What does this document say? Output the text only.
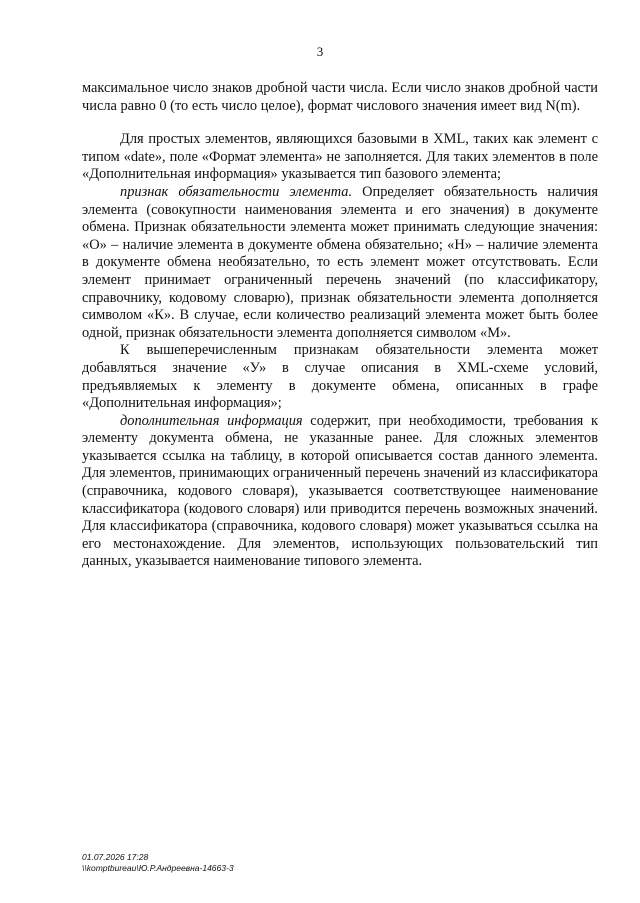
3

максимальное число знаков дробной части числа. Если число знаков дробной части числа равно 0 (то есть число целое), формат числового значения имеет вид N(m).

Для простых элементов, являющихся базовыми в XML, таких как элемент с типом «date», поле «Формат элемента» не заполняется. Для таких элементов в поле «Дополнительная информация» указывается тип базового элемента;

признак обязательности элемента. Определяет обязательность наличия элемента (совокупности наименования элемента и его значения) в документе обмена. Признак обязательности элемента может принимать следующие значения: «О» – наличие элемента в документе обмена обязательно; «Н» – наличие элемента в документе обмена необязательно, то есть элемент может отсутствовать. Если элемент принимает ограниченный перечень значений (по классификатору, справочнику, кодовому словарю), признак обязательности элемента дополняется символом «К». В случае, если количество реализаций элемента может быть более одной, признак обязательности элемента дополняется символом «М».

К вышеперечисленным признакам обязательности элемента может добавляться значение «У» в случае описания в XML-схеме условий, предъявляемых к элементу в документе обмена, описанных в графе «Дополнительная информация»;

дополнительная информация содержит, при необходимости, требования к элементу документа обмена, не указанные ранее. Для сложных элементов указывается ссылка на таблицу, в которой описывается состав данного элемента. Для элементов, принимающих ограниченный перечень значений из классификатора (справочника, кодового словаря), указывается соответствующее наименование классификатора (кодового словаря) или приводится перечень возможных значений. Для классификатора (справочника, кодового словаря) может указываться ссылка на его местонахождение. Для элементов, использующих пользовательский тип данных, указывается наименование типового элемента.

01.07.2026 17:28
\\komptbureau\Ю.Р.Андреевна-14663-3
